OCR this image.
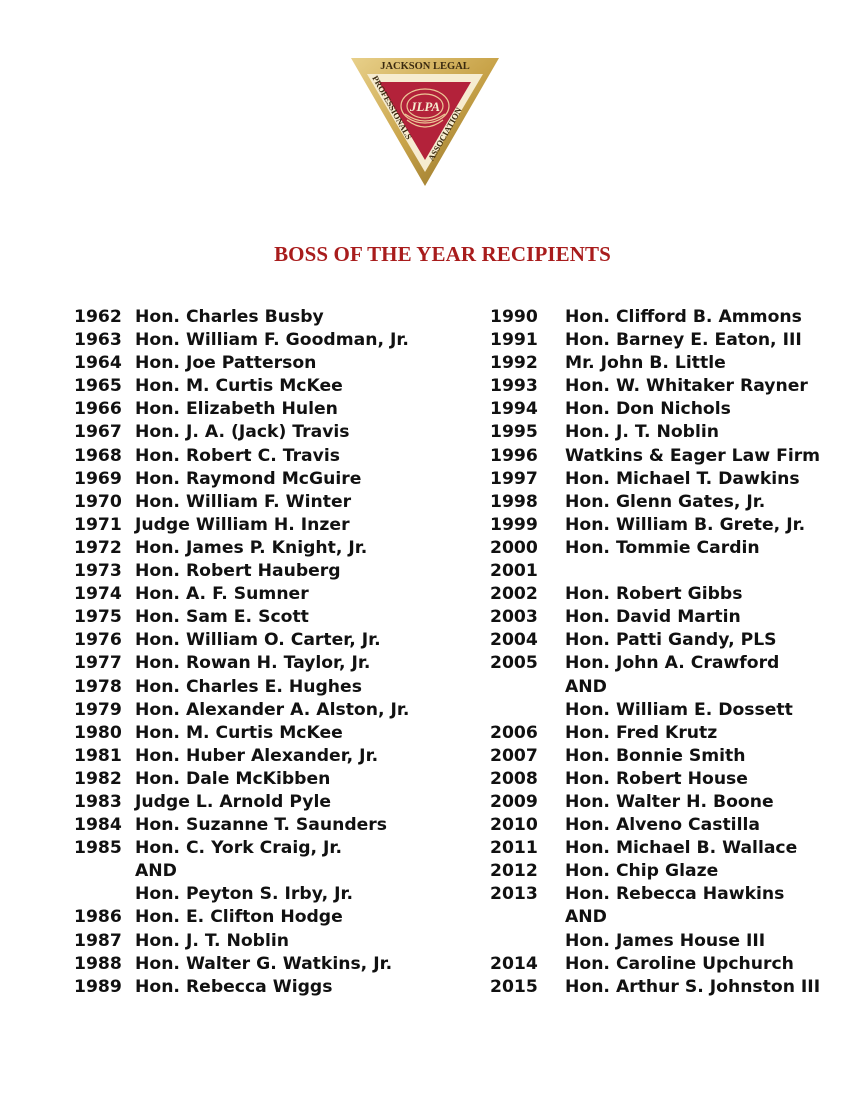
JLPA
JACKSON LEGAL
PROFESSIONALS
ASSOCIATION
BOSS OF THE YEAR RECIPIENTS
1962 Hon. Charles Busby
1963 Hon. William F. Goodman, Jr.
1964 Hon. Joe Patterson
1965 Hon. M. Curtis McKee
1966 Hon. Elizabeth Hulen
1967 Hon. J. A. (Jack) Travis
1968 Hon. Robert C. Travis
1969 Hon. Raymond McGuire
1970 Hon. William F. Winter
1971 Judge William H. Inzer
1972 Hon. James P. Knight, Jr.
1973 Hon. Robert Hauberg
1974 Hon. A. F. Sumner
1975 Hon. Sam E. Scott
1976 Hon. William O. Carter, Jr.
1977 Hon. Rowan H. Taylor, Jr.
1978 Hon. Charles E. Hughes
1979 Hon. Alexander A. Alston, Jr.
1980 Hon. M. Curtis McKee
1981 Hon. Huber Alexander, Jr.
1982 Hon. Dale McKibben
1983 Judge L. Arnold Pyle
1984 Hon. Suzanne T. Saunders
1985 Hon. C. York Craig, Jr.
AND
Hon. Peyton S. Irby, Jr.
1986 Hon. E. Clifton Hodge
1987 Hon. J. T. Noblin
1988 Hon. Walter G. Watkins, Jr.
1989 Hon. Rebecca Wiggs
1990 Hon. Clifford B. Ammons
1991 Hon. Barney E. Eaton, III
1992 Mr. John B. Little
1993 Hon. W. Whitaker Rayner
1994 Hon. Don Nichols
1995 Hon. J. T. Noblin
1996 Watkins & Eager Law Firm
1997 Hon. Michael T. Dawkins
1998 Hon. Glenn Gates, Jr.
1999 Hon. William B. Grete, Jr.
2000 Hon. Tommie Cardin
2001
2002 Hon. Robert Gibbs
2003 Hon. David Martin
2004 Hon. Patti Gandy, PLS
2005 Hon. John A. Crawford
AND
Hon. William E. Dossett
2006 Hon. Fred Krutz
2007 Hon. Bonnie Smith
2008 Hon. Robert House
2009 Hon. Walter H. Boone
2010 Hon. Alveno Castilla
2011 Hon. Michael B. Wallace
2012 Hon. Chip Glaze
2013 Hon. Rebecca Hawkins
AND
Hon. James House III
2014 Hon. Caroline Upchurch
2015 Hon. Arthur S. Johnston III
